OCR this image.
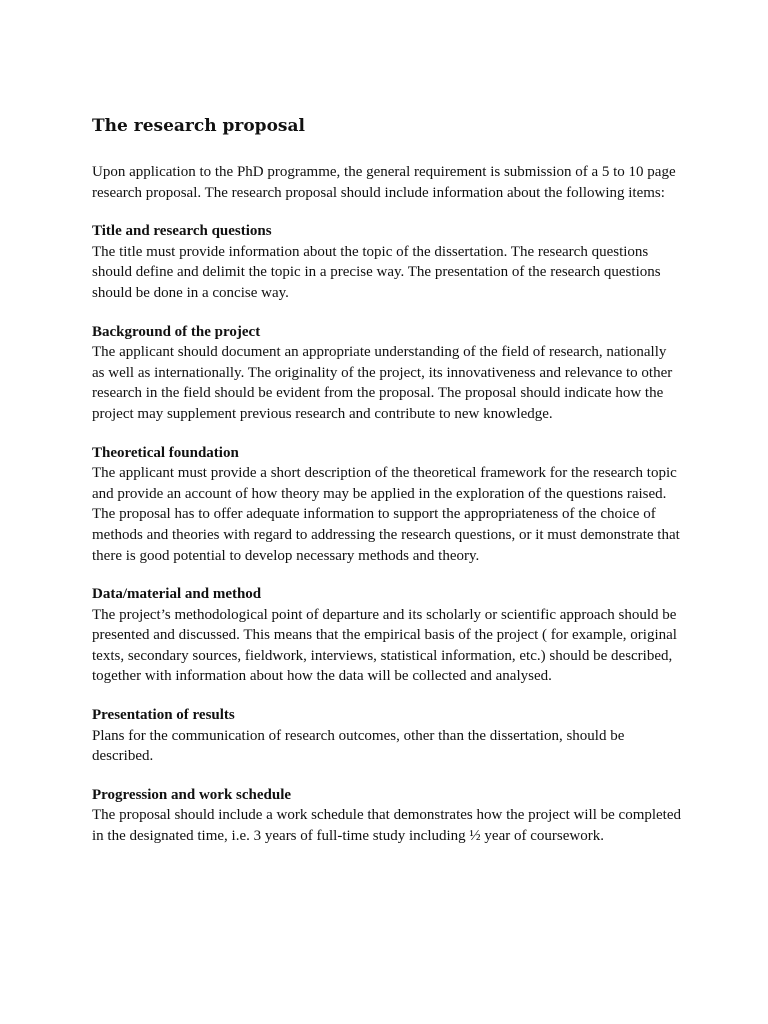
The research proposal

Upon application to the PhD programme, the general requirement is submission of a 5 to 10 page research proposal. The research proposal should include information about the following items:

Title and research questions

The title must provide information about the topic of the dissertation. The research questions should define and delimit the topic in a precise way. The presentation of the research questions should be done in a concise way.

Background of the project

The applicant should document an appropriate understanding of the field of research, nationally as well as internationally. The originality of the project, its innovativeness and relevance to other research in the field should be evident from the proposal. The proposal should indicate how the project may supplement previous research and contribute to new knowledge.

Theoretical foundation

The applicant must provide a short description of the theoretical framework for the research topic and provide an account of how theory may be applied in the exploration of the questions raised. The proposal has to offer adequate information to support the appropriateness of the choice of methods and theories with regard to addressing the research questions, or it must demonstrate that there is good potential to develop necessary methods and theory.

Data/material and method

The project’s methodological point of departure and its scholarly or scientific approach should be presented and discussed. This means that the empirical basis of the project ( for example, original texts, secondary sources, fieldwork, interviews, statistical information, etc.) should be described, together with information about how the data will be collected and analysed.

Presentation of results

Plans for the communication of research outcomes, other than the dissertation, should be described.

Progression and work schedule

The proposal should include a work schedule that demonstrates how the project will be completed in the designated time, i.e. 3 years of full-time study including ½ year of coursework.
